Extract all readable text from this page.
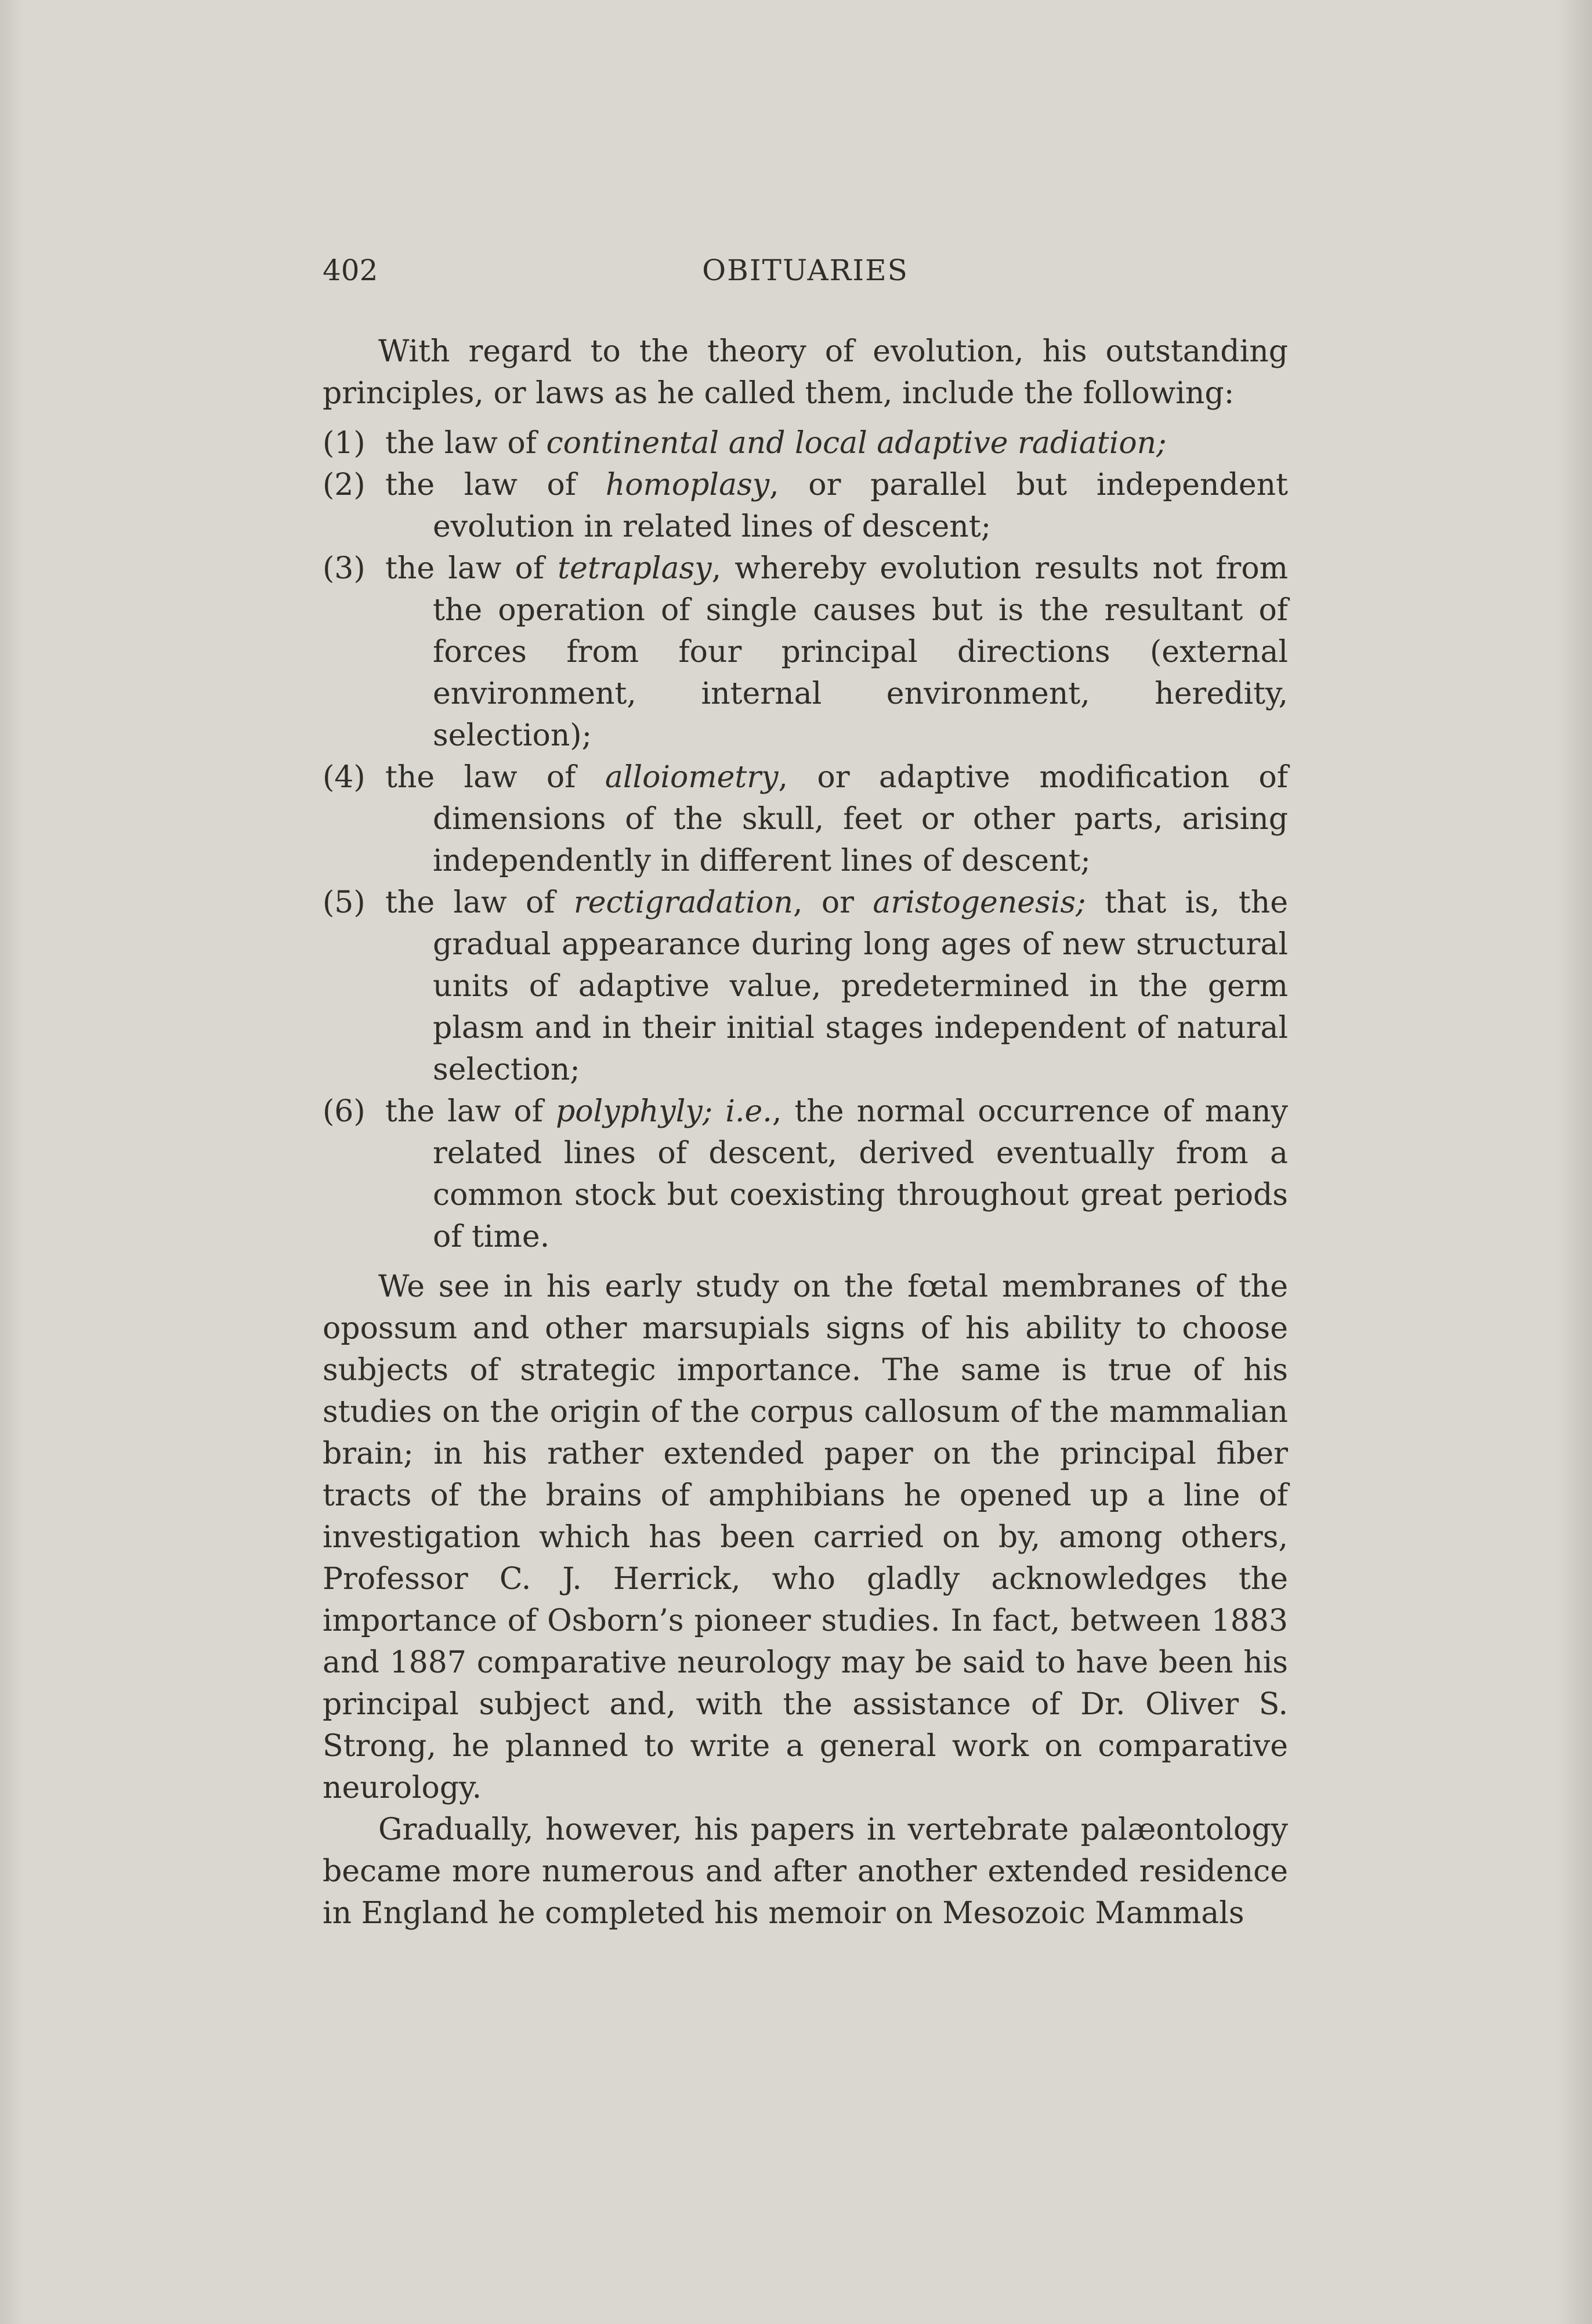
402	OBITUARIES

With regard to the theory of evolution, his outstanding principles, or laws as he called them, include the following:

(1) the law of continental and local adaptive radiation;
(2) the law of homoplasy, or parallel but independent evolution in related lines of descent;
(3) the law of tetraplasy, whereby evolution results not from the operation of single causes but is the resultant of forces from four principal directions (external environment, internal environment, heredity, selection);
(4) the law of alloiometry, or adaptive modification of dimensions of the skull, feet or other parts, arising independently in different lines of descent;
(5) the law of rectigradation, or aristogenesis; that is, the gradual appearance during long ages of new structural units of adaptive value, predetermined in the germ plasm and in their initial stages independent of natural selection;
(6) the law of polyphyly; i.e., the normal occurrence of many related lines of descent, derived eventually from a common stock but coexisting throughout great periods of time.

We see in his early study on the fœtal membranes of the opossum and other marsupials signs of his ability to choose subjects of strategic importance. The same is true of his studies on the origin of the corpus callosum of the mammalian brain; in his rather extended paper on the principal fiber tracts of the brains of amphibians he opened up a line of investigation which has been carried on by, among others, Professor C. J. Herrick, who gladly acknowledges the importance of Osborn’s pioneer studies. In fact, between 1883 and 1887 comparative neurology may be said to have been his principal subject and, with the assistance of Dr. Oliver S. Strong, he planned to write a general work on comparative neurology.

Gradually, however, his papers in vertebrate palæontology became more numerous and after another extended residence in England he completed his memoir on Mesozoic Mammals
